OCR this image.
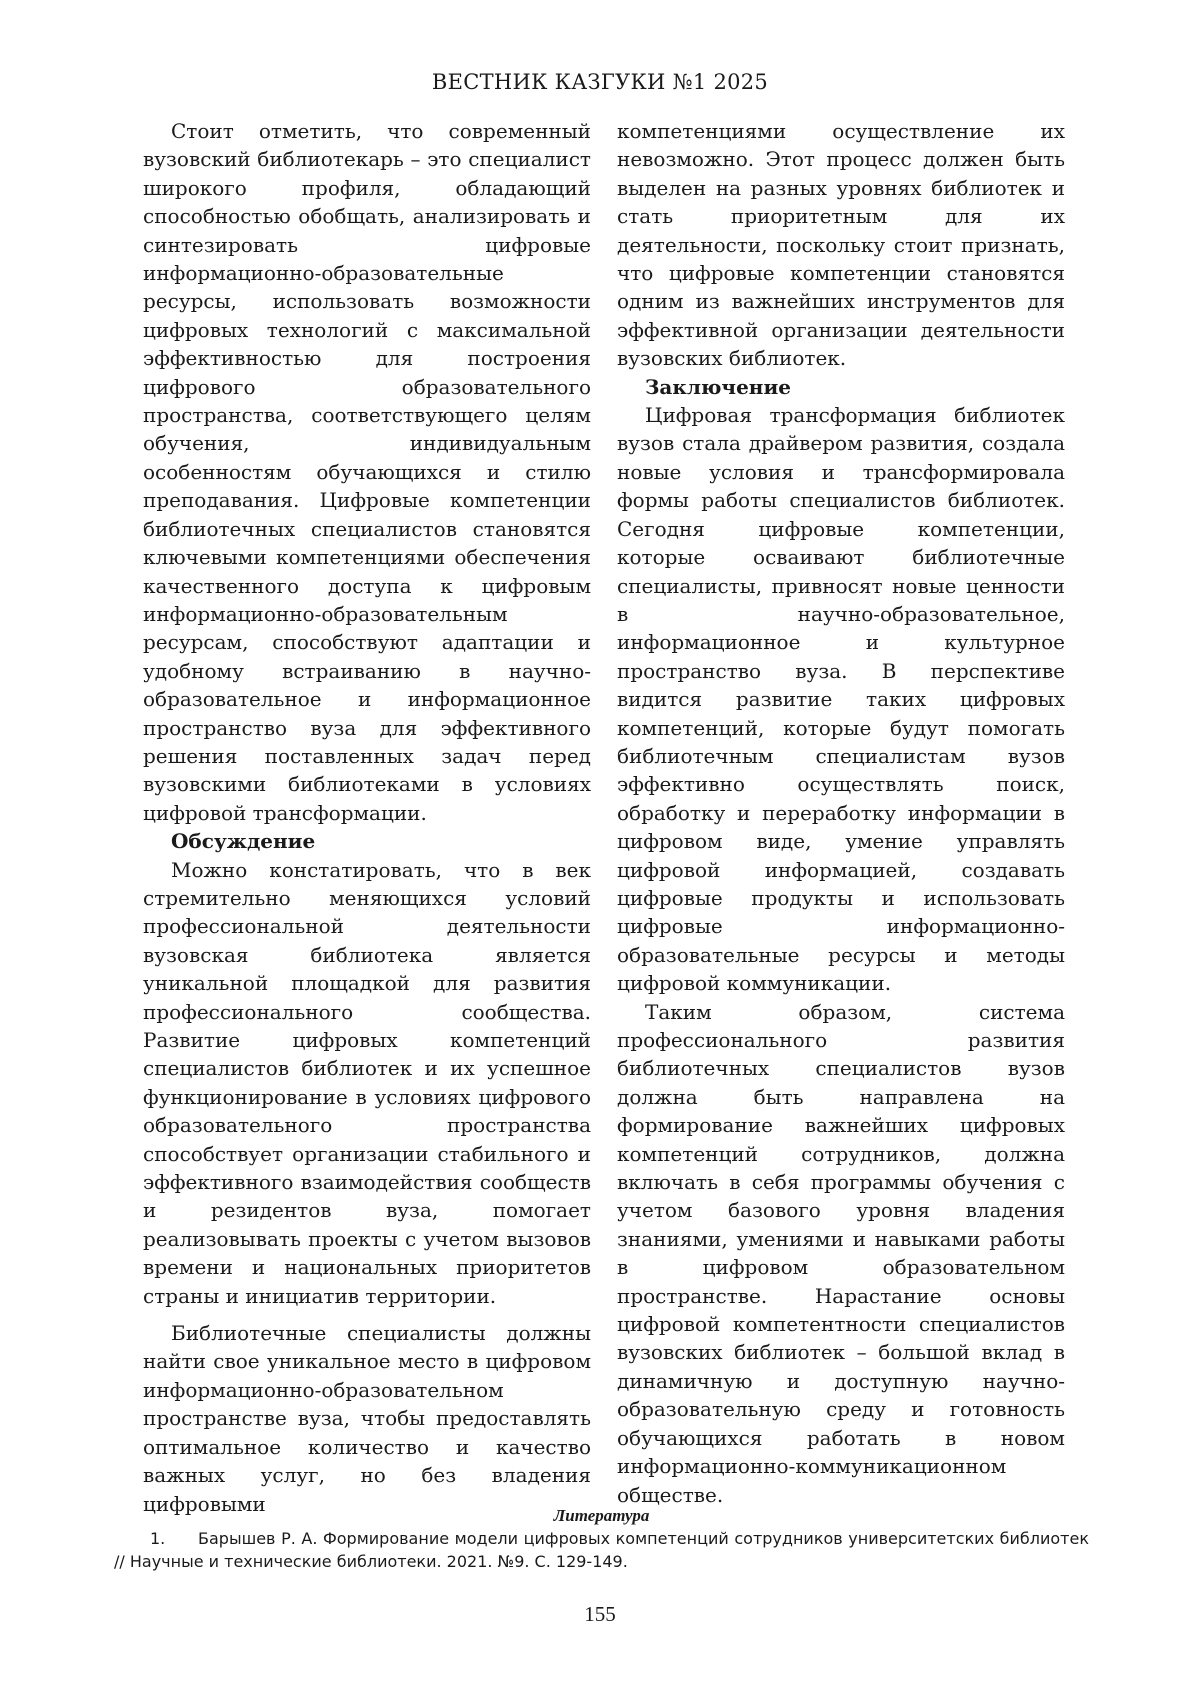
ВЕСТНИК КАЗГУКИ №1 2025

Стоит отметить, что современный вузовский библиотекарь – это специалист широкого профиля, обладающий способностью обобщать, анализировать и синтезировать цифровые информационно-образовательные ресурсы, использовать возможности цифровых технологий с максимальной эффективностью для построения цифрового образовательного пространства, соответствующего целям обучения, индивидуальным особенностям обучающихся и стилю преподавания. Цифровые компетенции библиотечных специалистов становятся ключевыми компетенциями обеспечения качественного доступа к цифровым информационно-образовательным ресурсам, способствуют адаптации и удобному встраиванию в научно-образовательное и информационное пространство вуза для эффективного решения поставленных задач перед вузовскими библиотеками в условиях цифровой трансформации.

Обсуждение

Можно констатировать, что в век стремительно меняющихся условий профессиональной деятельности вузовская библиотека является уникальной площадкой для развития профессионального сообщества. Развитие цифровых компетенций специалистов библиотек и их успешное функционирование в условиях цифрового образовательного пространства способствует организации стабильного и эффективного взаимодействия сообществ и резидентов вуза, помогает реализовывать проекты с учетом вызовов времени и национальных приоритетов страны и инициатив территории.

Библиотечные специалисты должны найти свое уникальное место в цифровом информационно-образовательном пространстве вуза, чтобы предоставлять оптимальное количество и качество важных услуг, но без владения цифровыми

компетенциями осуществление их невозможно. Этот процесс должен быть выделен на разных уровнях библиотек и стать приоритетным для их деятельности, поскольку стоит признать, что цифровые компетенции становятся одним из важнейших инструментов для эффективной организации деятельности вузовских библиотек.

Заключение

Цифровая трансформация библиотек вузов стала драйвером развития, создала новые условия и трансформировала формы работы специалистов библиотек. Сегодня цифровые компетенции, которые осваивают библиотечные специалисты, привносят новые ценности в научно-образовательное, информационное и культурное пространство вуза. В перспективе видится развитие таких цифровых компетенций, которые будут помогать библиотечным специалистам вузов эффективно осуществлять поиск, обработку и переработку информации в цифровом виде, умение управлять цифровой информацией, создавать цифровые продукты и использовать цифровые информационно-образовательные ресурсы и методы цифровой коммуникации.

Таким образом, система профессионального развития библиотечных специалистов вузов должна быть направлена на формирование важнейших цифровых компетенций сотрудников, должна включать в себя программы обучения с учетом базового уровня владения знаниями, умениями и навыками работы в цифровом образовательном пространстве. Нарастание основы цифровой компетентности специалистов вузовских библиотек – большой вклад в динамичную и доступную научно-образовательную среду и готовность обучающихся работать в новом информационно-коммуникационном обществе.

Литература

1. Барышев Р. А. Формирование модели цифровых компетенций сотрудников университетских библиотек // Научные и технические библиотеки. 2021. №9. С. 129-149.

155
